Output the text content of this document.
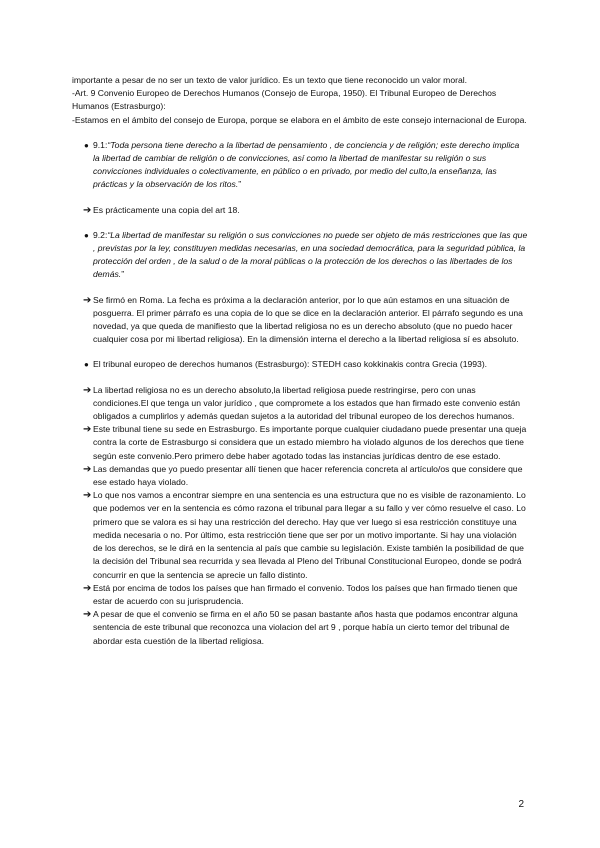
importante a pesar de no ser un texto de valor jurídico. Es un texto que tiene reconocido un valor moral.

-Art. 9 Convenio Europeo de Derechos Humanos (Consejo de Europa, 1950). El Tribunal Europeo de Derechos Humanos (Estrasburgo):

-Estamos en el ámbito del consejo de Europa, porque se elabora en el ámbito de este consejo internacional de Europa.

● 9.1:“Toda persona tiene derecho a la libertad de pensamiento , de conciencia y de religión; este derecho implica la libertad de cambiar de religión o de convicciones, así como la libertad de manifestar su religión o sus convicciones individuales o colectivamente, en público o en privado, por medio del culto,la enseñanza, las prácticas y la observación de los ritos.”
➔ Es prácticamente una copia del art 18.
● 9.2:“La libertad de manifestar su religión o sus convicciones no puede ser objeto de más restricciones que las que , previstas por la ley, constituyen medidas necesarias, en una sociedad democrática, para la seguridad pública, la protección del orden , de la salud o de la moral públicas o la protección de los derechos o las libertades de los demás.”
➔ Se firmó en Roma. La fecha es próxima a la declaración anterior, por lo que aún estamos en una situación de posguerra. El primer párrafo es una copia de lo que se dice en la declaración anterior. El párrafo segundo es una novedad, ya que queda de manifiesto que la libertad religiosa no es un derecho absoluto (que no puedo hacer cualquier cosa por mi libertad religiosa). En la dimensión interna el derecho a la libertad religiosa sí es absoluto.
● El tribunal europeo de derechos humanos (Estrasburgo): STEDH caso kokkinakis contra Grecia (1993).
➔ La libertad religiosa no es un derecho absoluto,la libertad religiosa puede restringirse, pero con unas condiciones.El que tenga un valor jurídico , que compromete a los estados que han firmado este convenio están obligados a cumplirlos y además quedan sujetos a la autoridad del tribunal europeo de los derechos humanos.
➔ Este tribunal tiene su sede en Estrasburgo. Es importante porque cualquier ciudadano puede presentar una queja contra la corte de Estrasburgo si considera que un estado miembro ha violado algunos de los derechos que tiene según este convenio.Pero primero debe haber agotado todas las instancias jurídicas dentro de ese estado.
➔ Las demandas que yo puedo presentar allí tienen que hacer referencia concreta al artículo/os que considere que ese estado haya violado.
➔ Lo que nos vamos a encontrar siempre en una sentencia es una estructura que no es visible de razonamiento. Lo que podemos ver en la sentencia es cómo razona el tribunal para llegar a su fallo y ver cómo resuelve el caso. Lo primero que se valora es si hay una restricción del derecho. Hay que ver luego si esa restricción constituye una medida necesaria o no. Por último, esta restricción tiene que ser por un motivo importante. Si hay una violación de los derechos, se le dirá en la sentencia al país que cambie su legislación. Existe también la posibilidad de que la decisión del Tribunal sea recurrida y sea llevada al Pleno del Tribunal Constitucional Europeo, donde se podrá concurrir en que la sentencia se aprecie un fallo distinto.
➔ Está por encima de todos los países que han firmado el convenio. Todos los países que han firmado tienen que estar de acuerdo con su jurisprudencia.
➔ A pesar de que el convenio se firma en el año 50 se pasan bastante años hasta que podamos encontrar alguna sentencia de este tribunal que reconozca una violacion del art 9 , porque había un cierto temor del tribunal de abordar esta cuestión de la libertad religiosa.
2
